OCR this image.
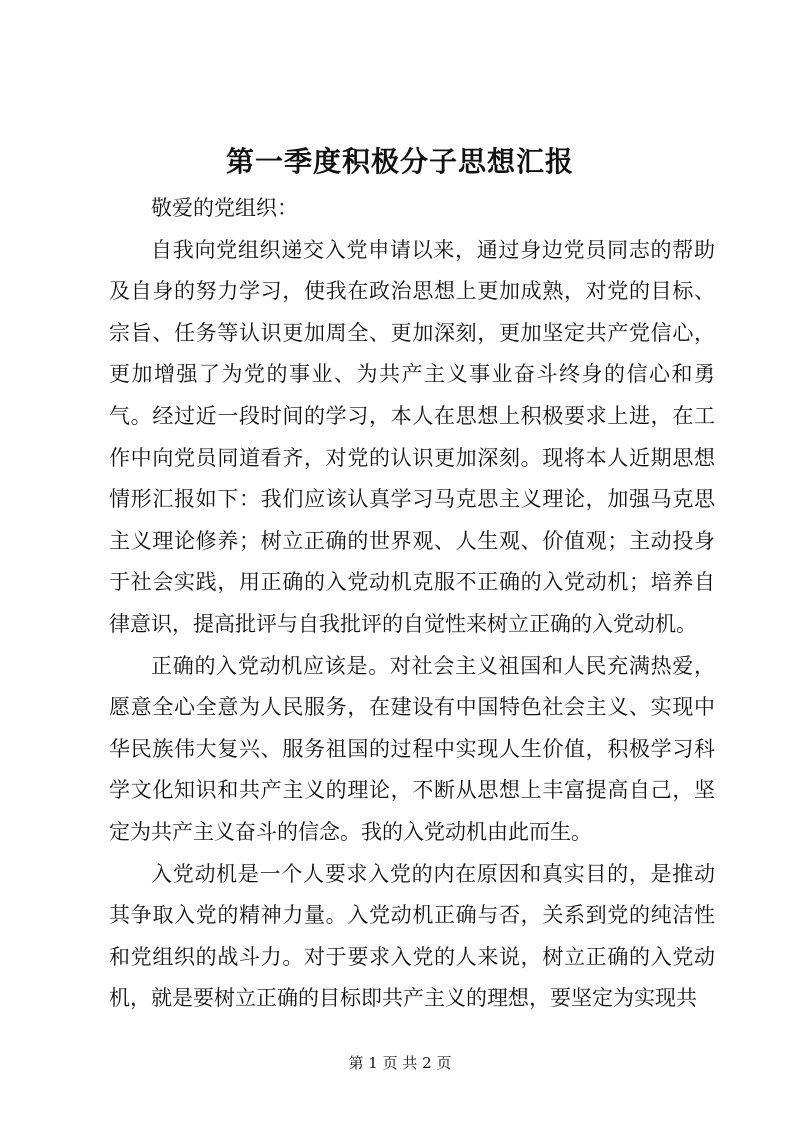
第一季度积极分子思想汇报

敬爱的党组织：

自我向党组织递交入党申请以来，通过身边党员同志的帮助及自身的努力学习，使我在政治思想上更加成熟，对党的目标、宗旨、任务等认识更加周全、更加深刻，更加坚定共产党信心，更加增强了为党的事业、为共产主义事业奋斗终身的信心和勇气。经过近一段时间的学习，本人在思想上积极要求上进，在工作中向党员同道看齐，对党的认识更加深刻。现将本人近期思想情形汇报如下：我们应该认真学习马克思主义理论，加强马克思主义理论修养；树立正确的世界观、人生观、价值观；主动投身于社会实践，用正确的入党动机克服不正确的入党动机；培养自律意识，提高批评与自我批评的自觉性来树立正确的入党动机。

正确的入党动机应该是。对社会主义祖国和人民充满热爱，愿意全心全意为人民服务，在建设有中国特色社会主义、实现中华民族伟大复兴、服务祖国的过程中实现人生价值，积极学习科学文化知识和共产主义的理论，不断从思想上丰富提高自己，坚定为共产主义奋斗的信念。我的入党动机由此而生。

入党动机是一个人要求入党的内在原因和真实目的，是推动其争取入党的精神力量。入党动机正确与否，关系到党的纯洁性和党组织的战斗力。对于要求入党的人来说，树立正确的入党动机，就是要树立正确的目标即共产主义的理想，要坚定为实现共

第 1 页 共 2 页
